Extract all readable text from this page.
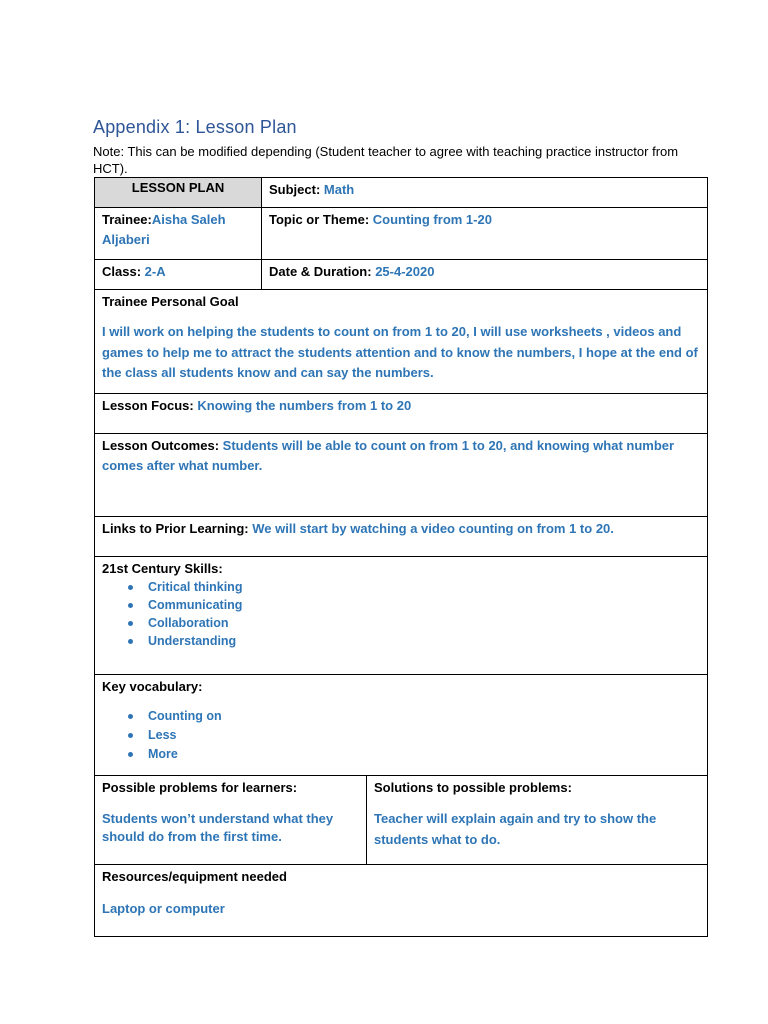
Appendix 1: Lesson Plan
Note: This can be modified depending (Student teacher to agree with teaching practice instructor from HCT).
LESSON PLAN	Subject: Math
Trainee:Aisha Saleh Aljaberi
Topic or Theme: Counting from 1-20
Class: 2-A	Date & Duration: 25-4-2020
Trainee Personal Goal
I will work on helping the students to count on from 1 to 20, I will use worksheets , videos and games to help me to attract the students attention and to know the numbers, I hope at the end of the class all students know and can say the numbers.
Lesson Focus: Knowing the numbers from 1 to 20
Lesson Outcomes: Students will be able to count on from 1 to 20, and knowing what number comes after what number.
Links to Prior Learning: We will start by watching a video counting on from 1 to 20.
21st Century Skills:
Critical thinking
Communicating
Collaboration
Understanding
Key vocabulary:
Counting on
Less
More
Possible problems for learners:
Students won’t understand what they should do from the first time.
Solutions to possible problems:
Teacher will explain again and try to show the students what to do.
Resources/equipment needed
Laptop or computer
